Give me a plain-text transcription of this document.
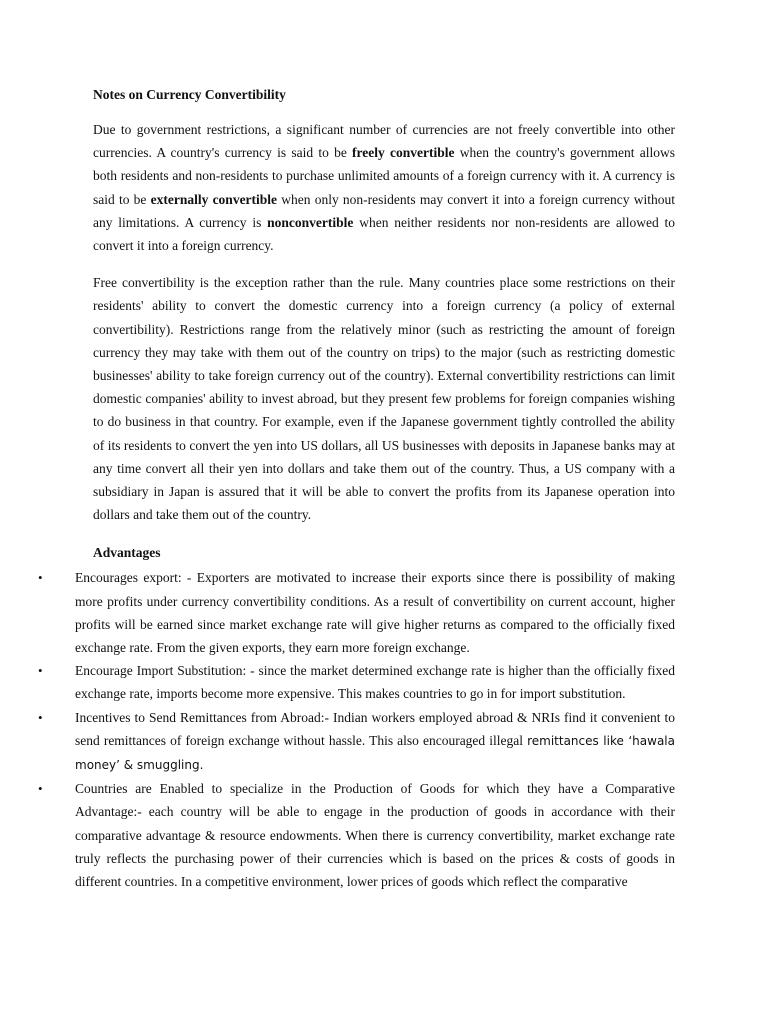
Notes on Currency Convertibility

Due to government restrictions, a significant number of currencies are not freely convertible into other currencies. A country's currency is said to be freely convertible when the country's government allows both residents and non-residents to purchase unlimited amounts of a foreign currency with it. A currency is said to be externally convertible when only non-residents may convert it into a foreign currency without any limitations. A currency is nonconvertible when neither residents nor non-residents are allowed to convert it into a foreign currency.

Free convertibility is the exception rather than the rule. Many countries place some restrictions on their residents' ability to convert the domestic currency into a foreign currency (a policy of external convertibility). Restrictions range from the relatively minor (such as restricting the amount of foreign currency they may take with them out of the country on trips) to the major (such as restricting domestic businesses' ability to take foreign currency out of the country). External convertibility restrictions can limit domestic companies' ability to invest abroad, but they present few problems for foreign companies wishing to do business in that country. For example, even if the Japanese government tightly controlled the ability of its residents to convert the yen into US dollars, all US businesses with deposits in Japanese banks may at any time convert all their yen into dollars and take them out of the country. Thus, a US company with a subsidiary in Japan is assured that it will be able to convert the profits from its Japanese operation into dollars and take them out of the country.

Advantages
• Encourages export: - Exporters are motivated to increase their exports since there is possibility of making more profits under currency convertibility conditions. As a result of convertibility on current account, higher profits will be earned since market exchange rate will give higher returns as compared to the officially fixed exchange rate. From the given exports, they earn more foreign exchange.
• Encourage Import Substitution: - since the market determined exchange rate is higher than the officially fixed exchange rate, imports become more expensive. This makes countries to go in for import substitution.
• Incentives to Send Remittances from Abroad:- Indian workers employed abroad & NRIs find it convenient to send remittances of foreign exchange without hassle. This also encouraged illegal remittances like ‘hawala money’ & smuggling.
• Countries are Enabled to specialize in the Production of Goods for which they have a Comparative Advantage:- each country will be able to engage in the production of goods in accordance with their comparative advantage & resource endowments. When there is currency convertibility, market exchange rate truly reflects the purchasing power of their currencies which is based on the prices & costs of goods in different countries. In a competitive environment, lower prices of goods which reflect the comparative
